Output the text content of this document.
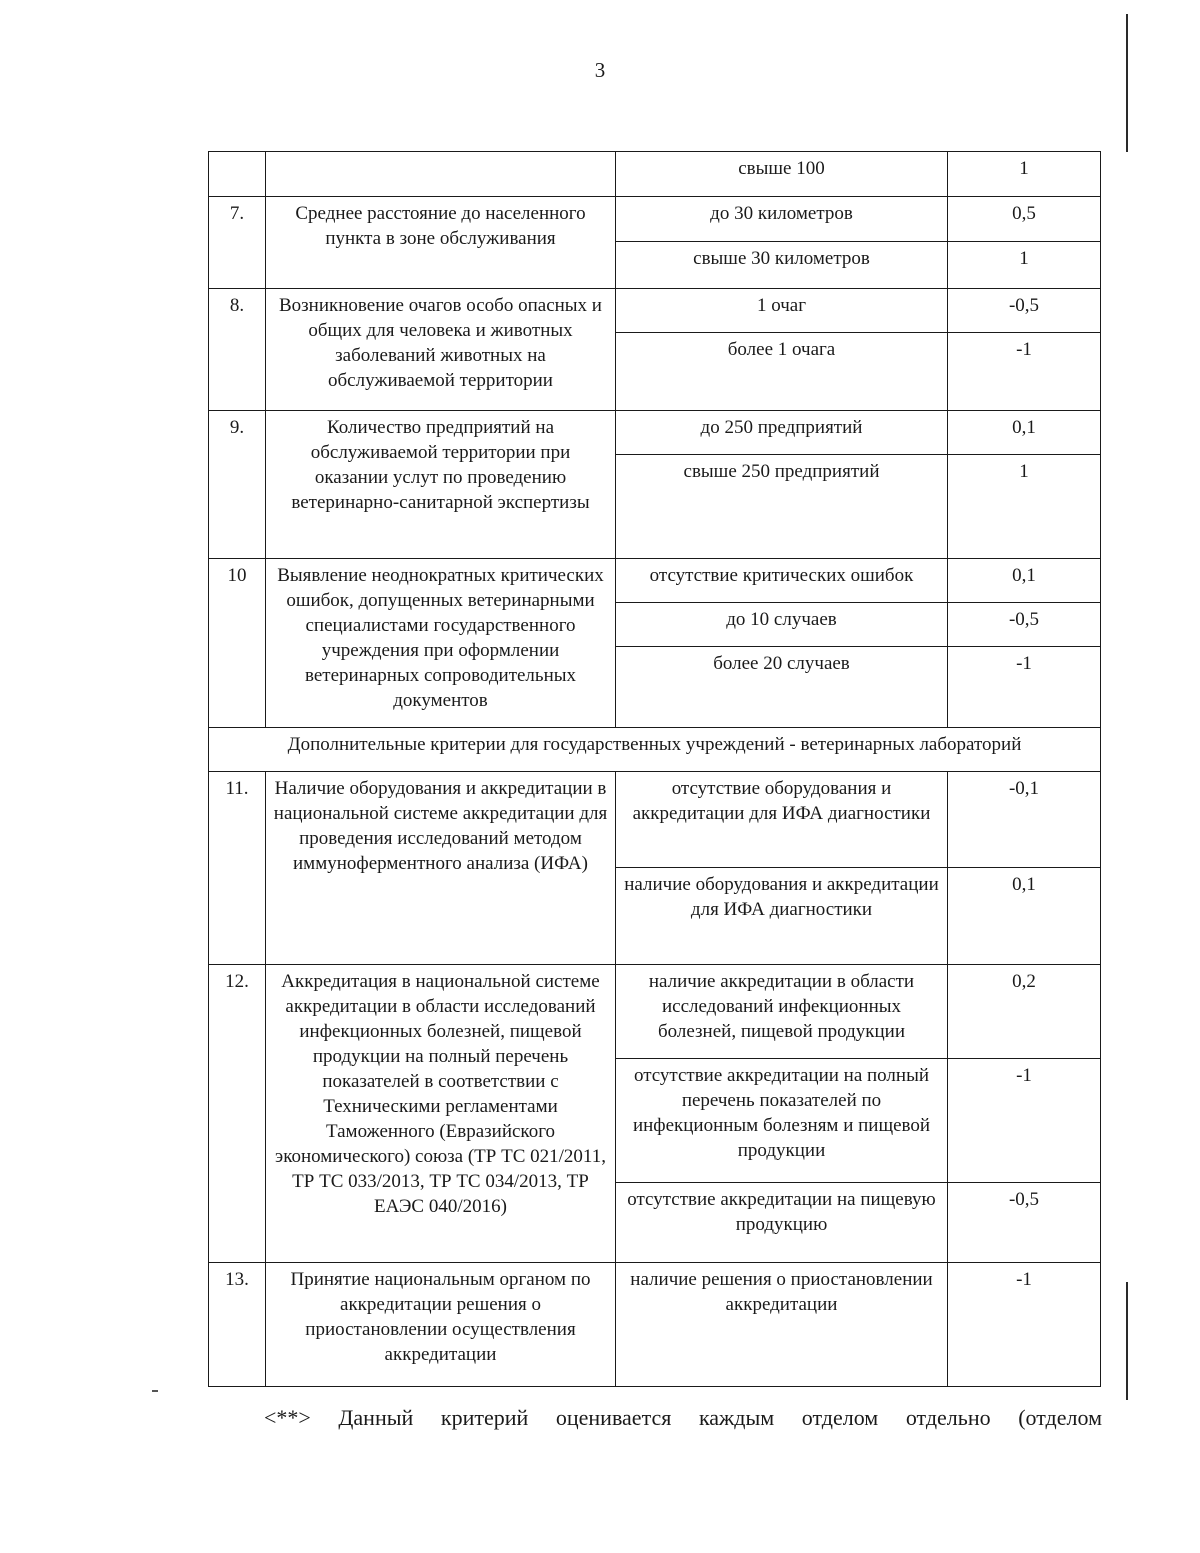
3
		свыше 100	1
7.	Среднее расстояние до населенного пункта в зоне обслуживания	до 30 километров	0,5
		свыше 30 километров	1
8.	Возникновение очагов особо опасных и общих для человека и животных заболеваний животных на обслуживаемой территории	1 очаг	-0,5
		более 1 очага	-1
9.	Количество предприятий на обслуживаемой территории при оказании услут по проведению ветеринарно-санитарной экспертизы	до 250 предприятий	0,1
		свыше 250 предприятий	1
10	Выявление неоднократных критических ошибок, допущенных ветеринарными специалистами государственного учреждения при оформлении ветеринарных сопроводительных документов	отсутствие критических ошибок	0,1
		до 10 случаев	-0,5
		более 20 случаев	-1
Дополнительные критерии для государственных учреждений - ветеринарных лабораторий			
11.	Наличие оборудования и аккредитации в национальной системе аккредитации для проведения исследований методом иммуноферментного анализа (ИФА)	отсутствие оборудования и аккредитации для ИФА диагностики	-0,1
		наличие оборудования и аккредитации для ИФА диагностики	0,1
12.	Аккредитация в национальной системе аккредитации в области исследований инфекционных болезней, пищевой продукции на полный перечень показателей в соответствии с Техническими регламентами Таможенного (Евразийского экономического) союза (ТР ТС 021/2011, ТР ТС 033/2013, ТР ТС 034/2013, ТР ЕАЭС 040/2016)	наличие аккредитации в области исследований инфекционных болезней, пищевой продукции	0,2
		отсутствие аккредитации на полный перечень показателей по инфекционным болезням и пищевой продукции	-1
		отсутствие аккредитации на пищевую продукцию	-0,5
13.	Принятие национальным органом по аккредитации решения о приостановлении осуществления аккредитации	наличие решения о приостановлении аккредитации	-1
<**> Данный критерий оценивается каждым отделом отдельно (отделом
